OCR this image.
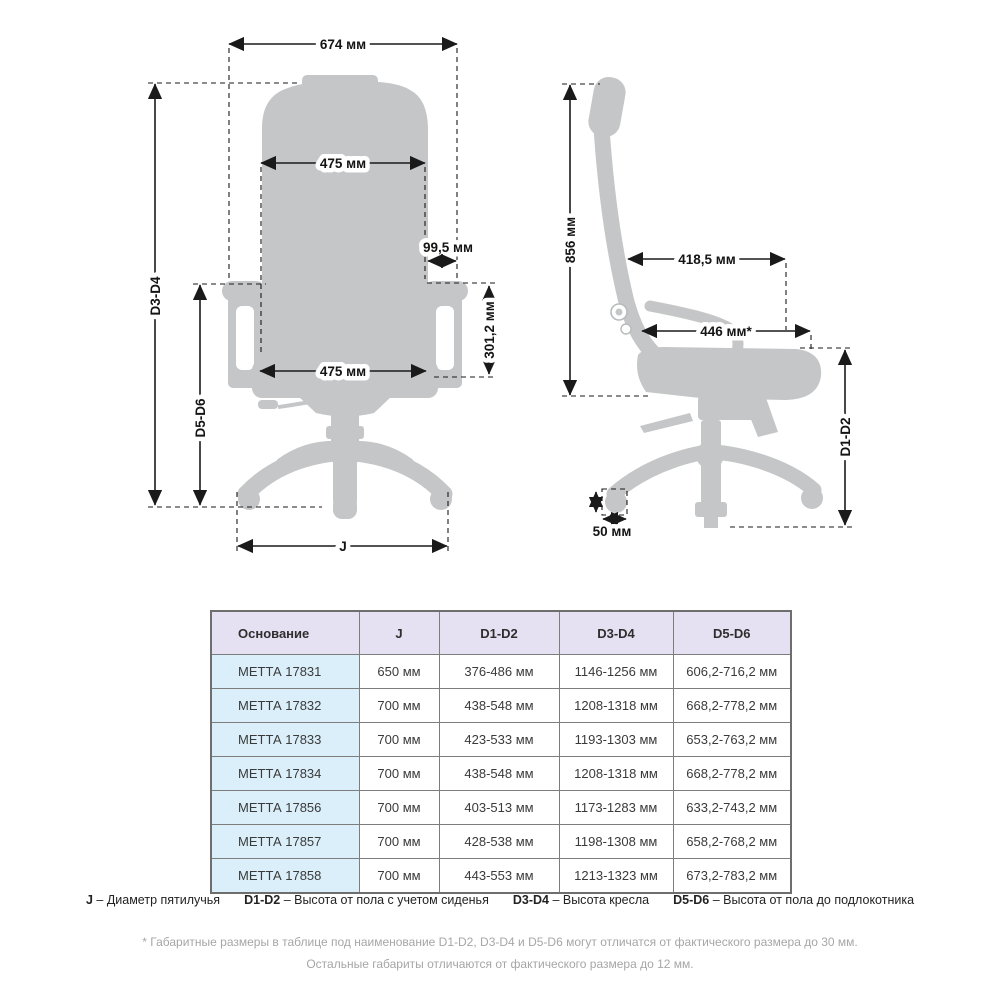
674 мм
475 мм
99,5 мм
475 мм
D3-D4
D5-D6
301,2 мм
J
856 мм	418,5 мм
446 мм*
D1-D2
50 мм
Основание	J	D1-D2	D3-D4	D5-D6
МЕТТА 17831	650 мм	376-486 мм	1146-1256 мм	606,2-716,2 мм
МЕТТА 17832	700 мм	438-548 мм	1208-1318 мм	668,2-778,2 мм
МЕТТА 17833	700 мм	423-533 мм	1193-1303 мм	653,2-763,2 мм
МЕТТА 17834	700 мм	438-548 мм	1208-1318 мм	668,2-778,2 мм
МЕТТА 17856	700 мм	403-513 мм	1173-1283 мм	633,2-743,2 мм
МЕТТА 17857	700 мм	428-538 мм	1198-1308 мм	658,2-768,2 мм
МЕТТА 17858	700 мм	443-553 мм	1213-1323 мм	673,2-783,2 мм
J – Диаметр пятилучья D1-D2 – Высота от пола с учетом сиденья D3-D4 – Высота кресла D5-D6 – Высота от пола до подлокотника
* Габаритные размеры в таблице под наименование D1-D2, D3-D4 и D5-D6 могут отличатся от фактического размера до 30 мм.
Остальные габариты отличаются от фактического размера до 12 мм.
